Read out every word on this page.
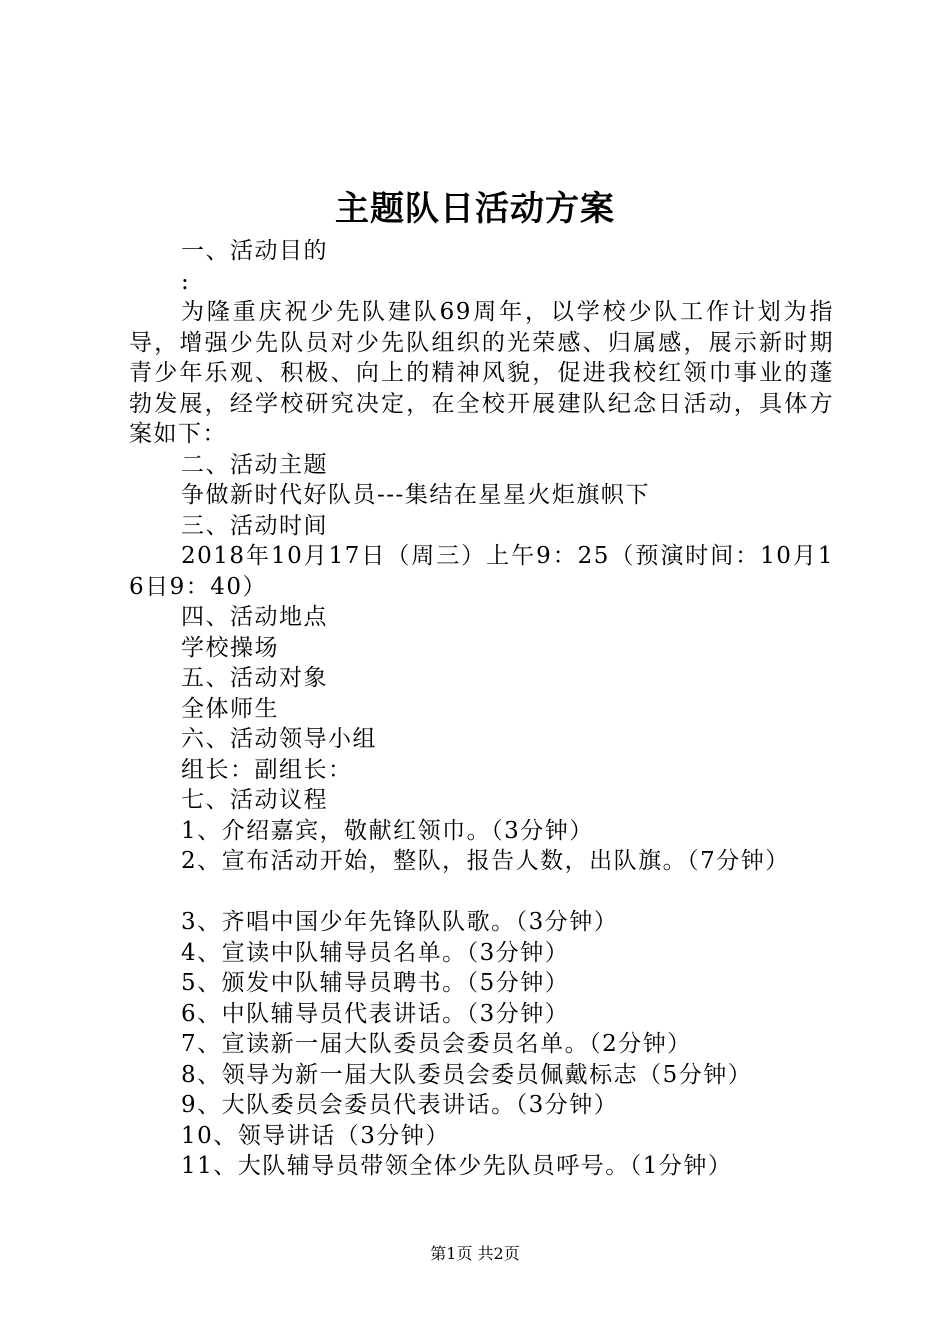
主题队日活动方案

一、活动目的

:

为隆重庆祝少先队建队69周年，以学校少队工作计划为指导，增强少先队员对少先队组织的光荣感、归属感，展示新时期青少年乐观、积极、向上的精神风貌，促进我校红领巾事业的蓬勃发展，经学校研究决定，在全校开展建队纪念日活动，具体方案如下：

二、活动主题

争做新时代好队员---集结在星星火炬旗帜下

三、活动时间

2018年10月17日（周三）上午9：25（预演时间：10月16日9：40）

四、活动地点

学校操场

五、活动对象

全体师生

六、活动领导小组

组长：副组长：

七、活动议程

1、介绍嘉宾，敬献红领巾。（3分钟）

2、宣布活动开始，整队，报告人数，出队旗。（7分钟）

3、齐唱中国少年先锋队队歌。（3分钟）

4、宣读中队辅导员名单。（3分钟）

5、颁发中队辅导员聘书。（5分钟）

6、中队辅导员代表讲话。（3分钟）

7、宣读新一届大队委员会委员名单。（2分钟）

8、领导为新一届大队委员会委员佩戴标志（5分钟）

9、大队委员会委员代表讲话。（3分钟）

10、领导讲话（3分钟）

11、大队辅导员带领全体少先队员呼号。（1分钟）

第1页 共2页
